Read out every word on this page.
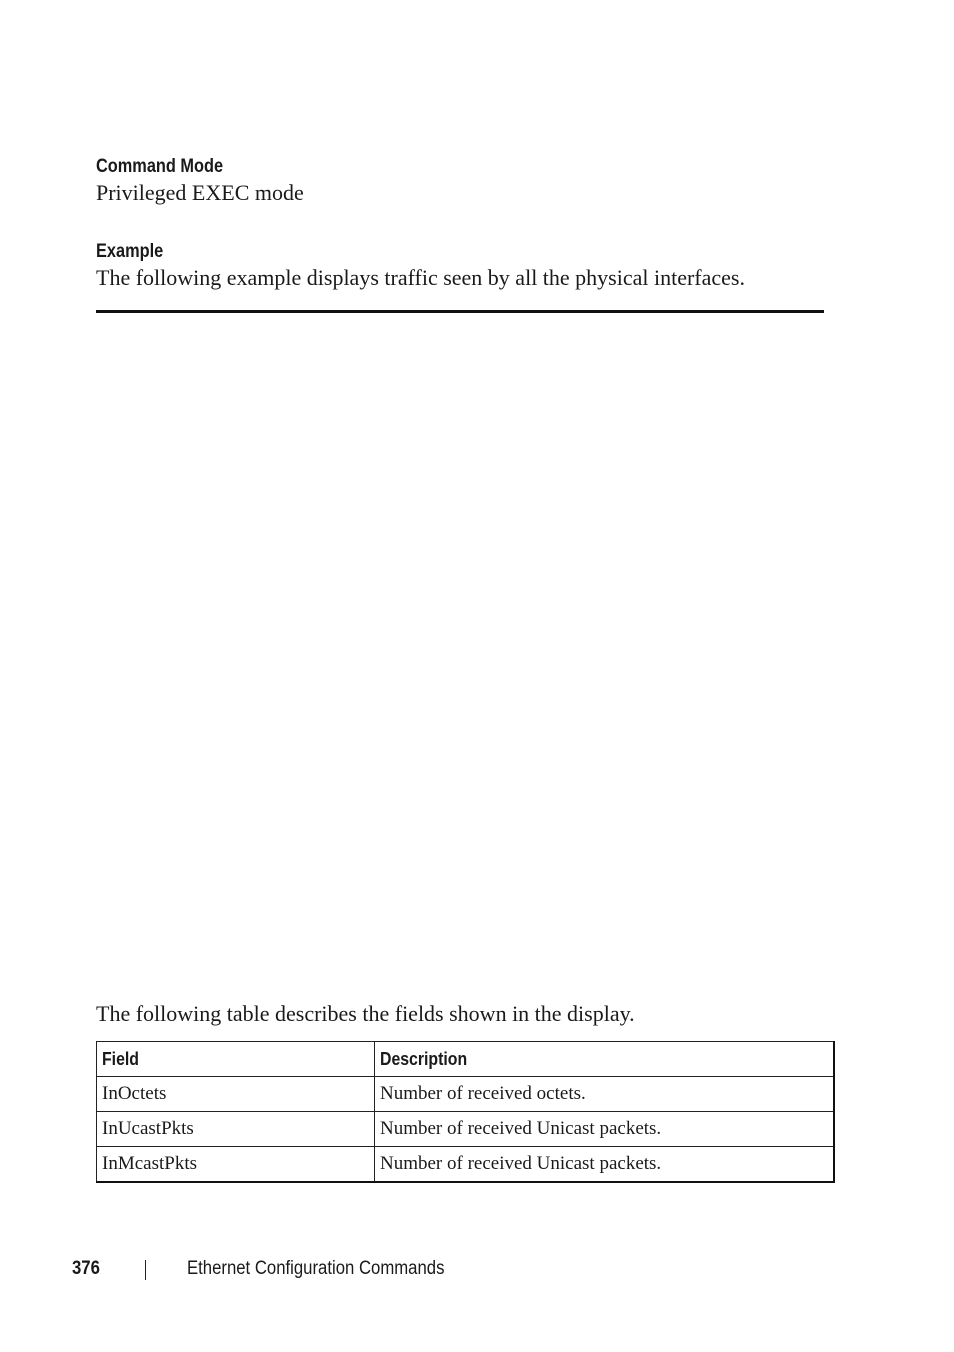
Command Mode
Privileged EXEC mode
Example
The following example displays traffic seen by all the physical interfaces.
The following table describes the fields shown in the display.
Field	Description
InOctets	Number of received octets.
InUcastPkts	Number of received Unicast packets.
InMcastPkts	Number of received Unicast packets.
376	Ethernet Configuration Commands
